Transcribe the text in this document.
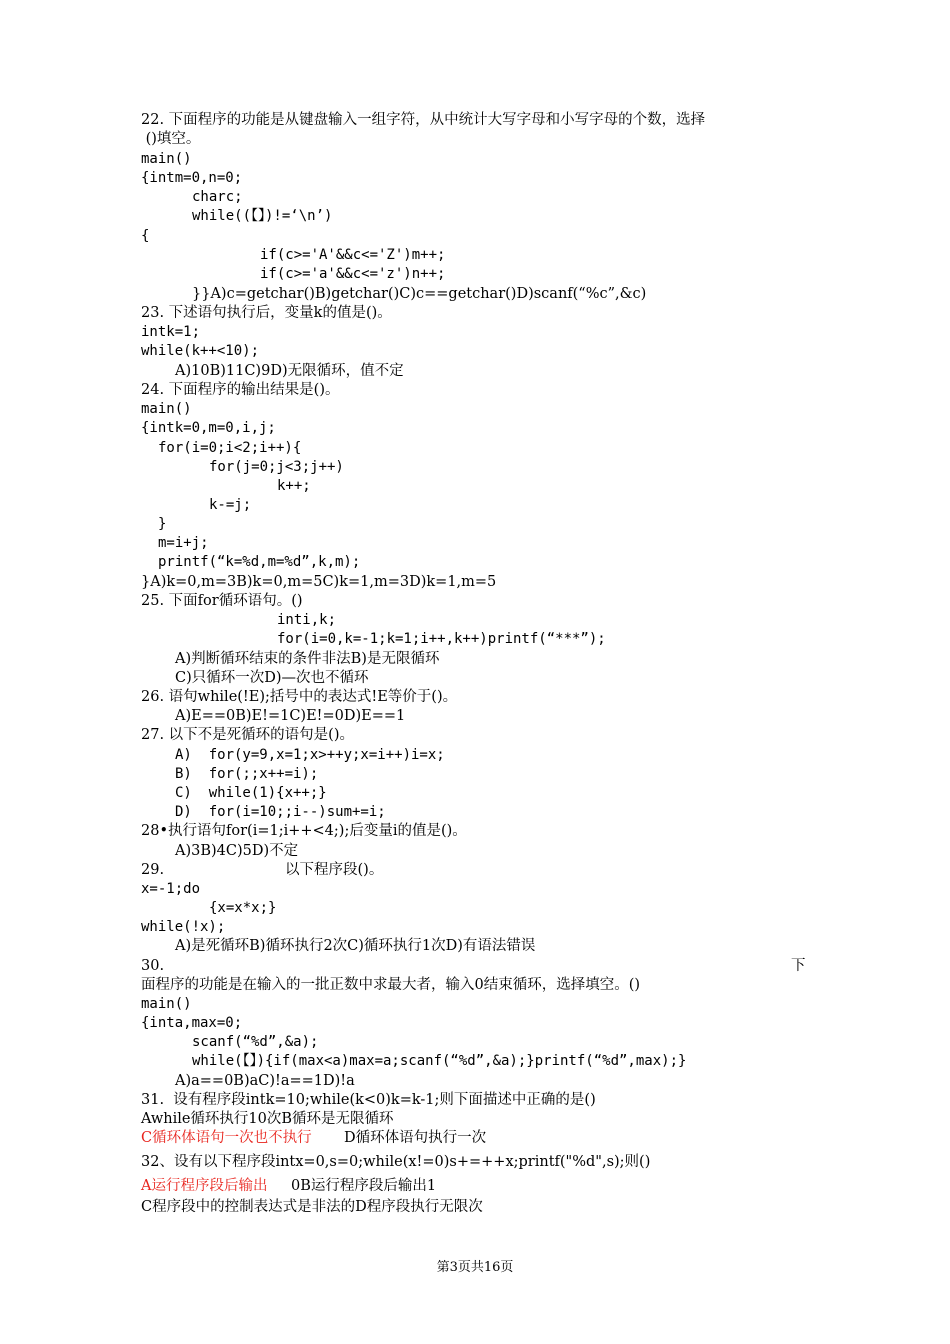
22. 下面程序的功能是从键盘输入一组字符，从中统计大写字母和小写字母的个数，选择
()填空。
main()
{intm=0,n=0;
charc;
while((【】)!=‘\n’)
{
if(c>='A'&&c<='Z')m++;
if(c>='a'&&c<='z')n++;
}}A)c=getchar()B)getchar()C)c==getchar()D)scanf(“%c”,&c)
23. 下述语句执行后，变量k的值是()。
intk=1;
while(k++<10);
A)10B)11C)9D)无限循环，值不定
24. 下面程序的输出结果是()。
main()
{intk=0,m=0,i,j;
for(i=0;i<2;i++){
for(j=0;j<3;j++)
k++;
k-=j;
}
m=i+j;
printf(“k=%d,m=%d”,k,m);
}A)k=0,m=3B)k=0,m=5C)k=1,m=3D)k=1,m=5
25. 下面for循环语句。()
inti,k;
for(i=0,k=-1;k=1;i++,k++)printf(“***”);
A)判断循环结束的条件非法B)是无限循环
C)只循环一次D)—次也不循环
26. 语句while(!E);括号中的表达式!E等价于()。
A)E==0B)E!=1C)E!=0D)E==1
27. 以下不是死循环的语句是()。
A)  for(y=9,x=1;x>++y;x=i++)i=x;
B)  for(;;x++=i);
C)  while(1){x++;}
D)  for(i=10;;i--)sum+=i;
28•执行语句for(i=1;i++<4;);后变量i的值是()。
A)3B)4C)5D)不定
29.	以下程序段()。
x=-1;do
{x=x*x;}
while(!x);
A)是死循环B)循环执行2次C)循环执行1次D)有语法错误
30.	下
面程序的功能是在输入的一批正数中求最大者，输入0结束循环，选择填空。()
main()
{inta,max=0;
scanf(“%d”,&a);
while(【】){if(max<a)max=a;scanf(“%d”,&a);}printf(“%d”,max);}
A)a==0B)aC)!a==1D)!a
31.  设有程序段intk=10;while(k<0)k=k-1;则下面描述中正确的是()
Awhile循环执行10次B循环是无限循环
C循环体语句一次也不执行 D循环体语句执行一次
32、设有以下程序段intx=0,s=0;while(x!=0)s+=++x;printf("%d",s);则()
A运行程序段后输出 0B运行程序段后输出1
C程序段中的控制表达式是非法的D程序段执行无限次
第3页共16页
